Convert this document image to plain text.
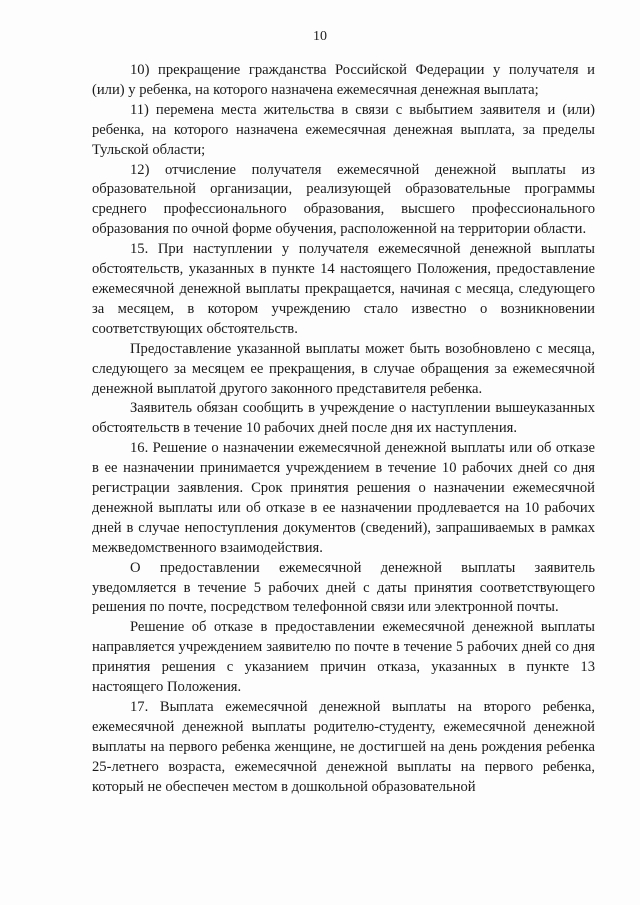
10

10) прекращение гражданства Российской Федерации у получателя и (или) у ребенка, на которого назначена ежемесячная денежная выплата;

11) перемена места жительства в связи с выбытием заявителя и (или) ребенка, на которого назначена ежемесячная денежная выплата, за пределы Тульской области;

12) отчисление получателя ежемесячной денежной выплаты из образовательной организации, реализующей образовательные программы среднего профессионального образования, высшего профессионального образования по очной форме обучения, расположенной на территории области.

15. При наступлении у получателя ежемесячной денежной выплаты обстоятельств, указанных в пункте 14 настоящего Положения, предоставление ежемесячной денежной выплаты прекращается, начиная с месяца, следующего за месяцем, в котором учреждению стало известно о возникновении соответствующих обстоятельств.

Предоставление указанной выплаты может быть возобновлено с месяца, следующего за месяцем ее прекращения, в случае обращения за ежемесячной денежной выплатой другого законного представителя ребенка.

Заявитель обязан сообщить в учреждение о наступлении вышеуказанных обстоятельств в течение 10 рабочих дней после дня их наступления.

16. Решение о назначении ежемесячной денежной выплаты или об отказе в ее назначении принимается учреждением в течение 10 рабочих дней со дня регистрации заявления. Срок принятия решения о назначении ежемесячной денежной выплаты или об отказе в ее назначении продлевается на 10 рабочих дней в случае непоступления документов (сведений), запрашиваемых в рамках межведомственного взаимодействия.

О предоставлении ежемесячной денежной выплаты заявитель уведомляется в течение 5 рабочих дней с даты принятия соответствующего решения по почте, посредством телефонной связи или электронной почты.

Решение об отказе в предоставлении ежемесячной денежной выплаты направляется учреждением заявителю по почте в течение 5 рабочих дней со дня принятия решения с указанием причин отказа, указанных в пункте 13 настоящего Положения.

17. Выплата ежемесячной денежной выплаты на второго ребенка, ежемесячной денежной выплаты родителю-студенту, ежемесячной денежной выплаты на первого ребенка женщине, не достигшей на день рождения ребенка 25-летнего возраста, ежемесячной денежной выплаты на первого ребенка, который не обеспечен местом в дошкольной образовательной
